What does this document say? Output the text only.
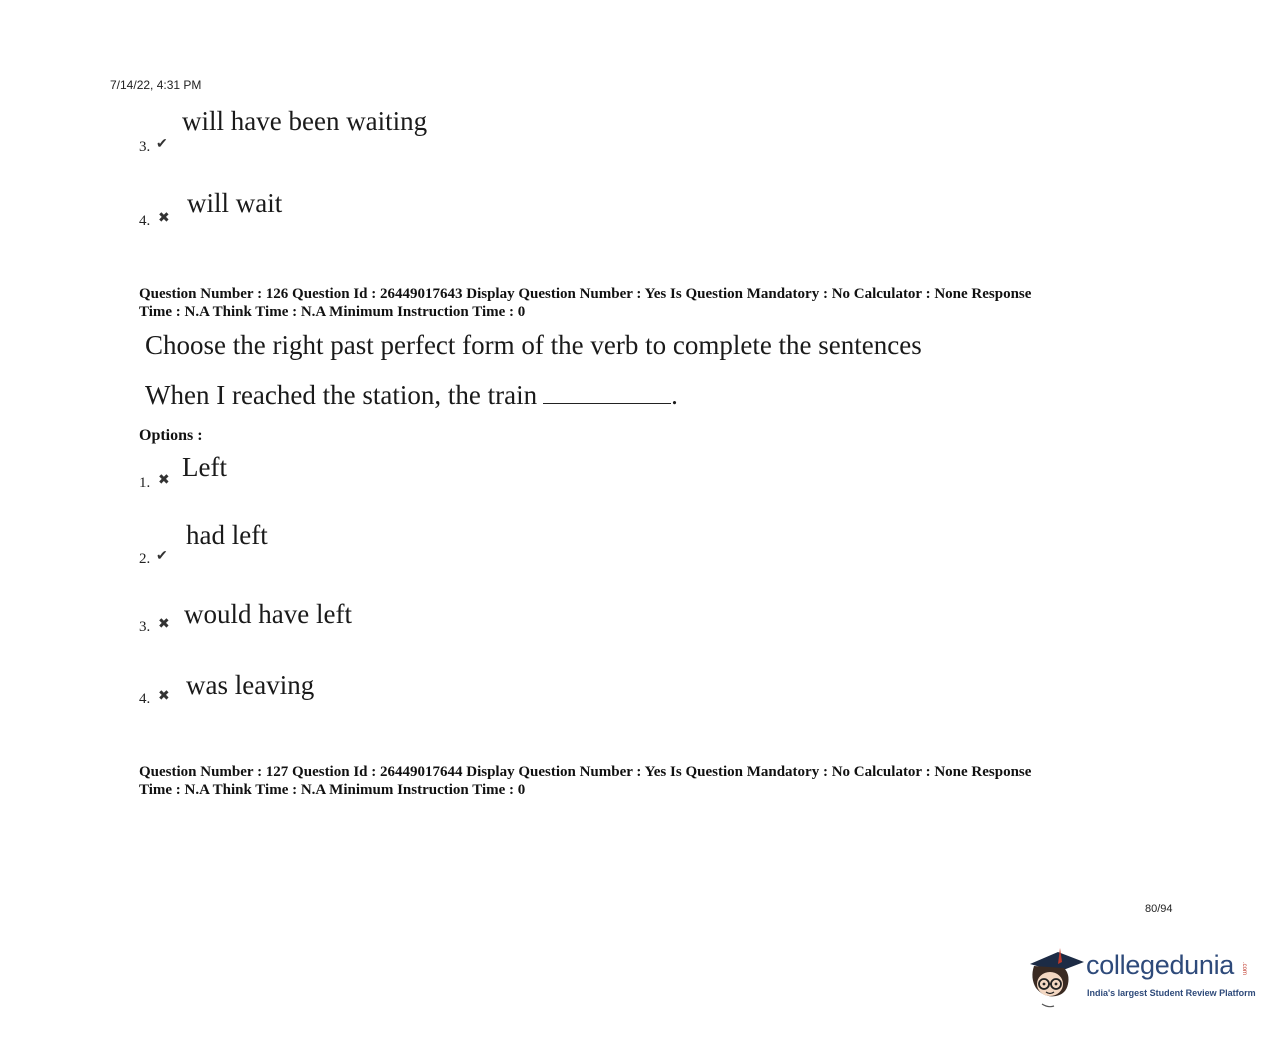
7/14/22, 4:31 PM
3. ✔
will have been waiting
4. ✖
will wait
Question Number : 126 Question Id : 26449017643 Display Question Number : Yes Is Question Mandatory : No Calculator : None Response
Time : N.A Think Time : N.A Minimum Instruction Time : 0
Choose the right past perfect form of the verb to complete the sentences
When I reached the station, the train	.
Options :
1. ✖ Left
2. ✔
had left
3. ✖ would have left
4. ✖ was leaving
Question Number : 127 Question Id : 26449017644 Display Question Number : Yes Is Question Mandatory : No Calculator : None Response
Time : N.A Think Time : N.A Minimum Instruction Time : 0
80/94
collegedunia .com
India's largest Student Review Platform
